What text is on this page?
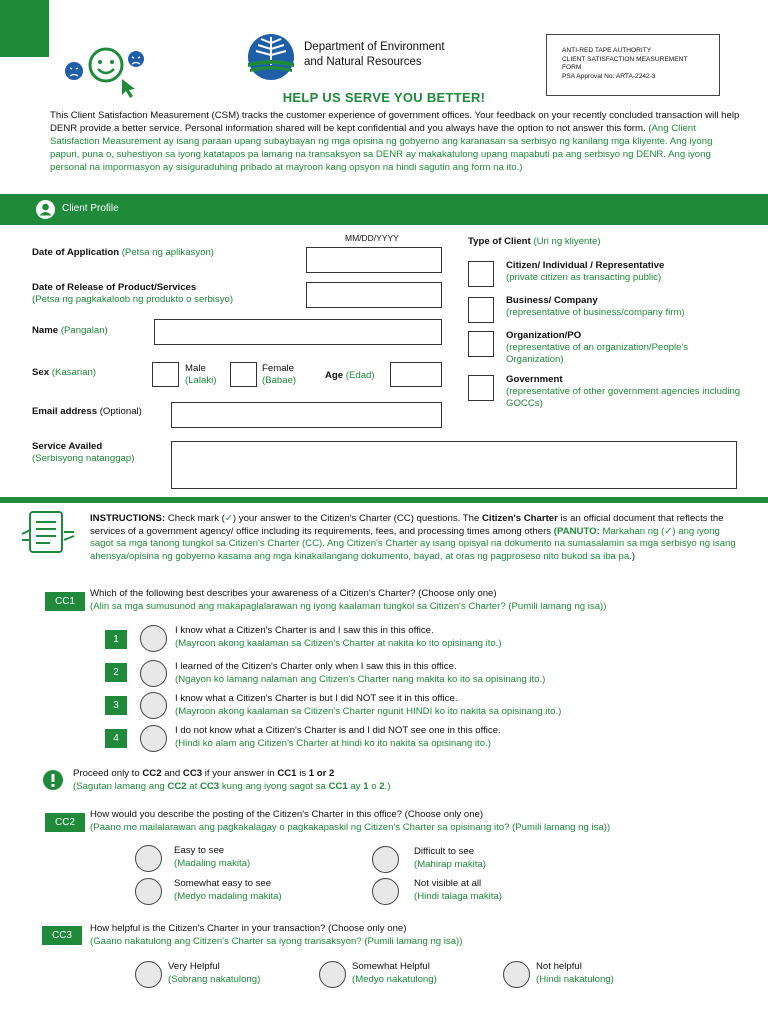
Department of Environment
and Natural Resources
ANTI-RED TAPE AUTHORITY
CLIENT SATISFACTION MEASUREMENT
FORM
PSA Approval No: ARTA-2242-3
HELP US SERVE YOU BETTER!
This Client Satisfaction Measurement (CSM) tracks the customer experience of government offices. Your feedback on your recently concluded transaction will help DENR provide a better service. Personal information shared will be kept confidential and you always have the option to not answer this form. (Ang Client Satisfaction Measurement ay isang paraan upang subaybayan ng mga opisina ng gobyerno ang karanasan sa serbisyo ng kanilang mga kliyente. Ang iyong papuri, puna o, suhestiyon sa iyong katatapos pa lamang na transaksyon sa DENR ay makakatulong upang mapabuti pa ang serbisyo ng DENR. Ang iyong personal na impormasyon ay sisiguraduhing pribado at mayroon kang opsyon na hindi sagutin ang form na ito.)
Client Profile
MM/DD/YYYY
Date of Application (Petsa ng aplikasyon)
Date of Release of Product/Services
(Petsa ng pagkakaloob ng produkto o serbisyo)
Name (Pangalan)
Sex (Kasarian)	Male
(Lalaki)
Female
(Babae)	Age (Edad)
Email address (Optional)
Service Availed
(Serbisyong natanggap)
Type of Client (Uri ng kliyente)
Citizen/ Individual / Representative
(private citizen as transacting public)
Business/ Company
(representative of business/company firm)
Organization/PO
(representative of an organization/People's Organization)
Government
(representative of other government agencies including GOCCs)
INSTRUCTIONS: Check mark (✓) your answer to the Citizen's Charter (CC) questions. The Citizen's Charter is an official document that reflects the services of a government agency/ office including its requirements, fees, and processing times among others (PANUTO: Markahan ng (✓) ang iyong sagot sa mga tanong tungkol sa Citizen's Charter (CC). Ang Citizen's Charter ay isang opisyal na dokumento na sumasalamin sa mga serbisyo ng isang ahensya/opisina ng gobyerno kasama ang mga kinakailangang dokumento, bayad, at oras ng pagproseso nito bukod sa iba pa.)
CC1
Which of the following best describes your awareness of a Citizen's Charter? (Choose only one)
(Alin sa mga sumusunod ang makapaglalarawan ng iyong kaalaman tungkol sa Citizen's Charter? (Pumili lamang ng isa))
1
I know what a Citizen's Charter is and I saw this in this office.
(Mayroon akong kaalaman sa Citizen's Charter at nakita ko ito opisinang ito.)
2
I learned of the Citizen's Charter only when I saw this in this office.
(Ngayon ko lamang nalaman ang Citizen's Charter nang makita ko ito sa opisinang ito.)
3
I know what a Citizen's Charter is but I did NOT see it in this office.
(Mayroon akong kaalaman sa Citizen's Charter ngunit HINDI ko ito nakita sa opisinang ito.)
4
I do not know what a Citizen's Charter is and I did NOT see one in this office.
(Hindi ko alam ang Citizen's Charter at hindi ko ito nakita sa opisinang ito.)
Proceed only to CC2 and CC3 if your answer in CC1 is 1 or 2
(Sagutan lamang ang CC2 at CC3 kung ang iyong sagot sa CC1 ay 1 o 2.)
CC2
How would you describe the posting of the Citizen's Charter in this office? (Choose only one)
(Paano mo mailalarawan ang pagkakalagay o pagkakapaskil ng Citizen's Charter sa opisinang ito? (Pumili lamang ng isa))
Easy to see
(Madaling makita)
Difficult to see
(Mahirap makita)
Somewhat easy to see
(Medyo madaling makita)
Not visible at all
(Hindi talaga makita)
CC3
How helpful is the Citizen's Charter in your transaction? (Choose only one)
(Gaano nakatulong ang Citizen's Charter sa iyong transaksyon? (Pumili lamang ng isa))
Very Helpful
(Sobrang nakatulong)
Somewhat Helpful
(Medyo nakatulong)
Not helpful
(Hindi nakatulong)
